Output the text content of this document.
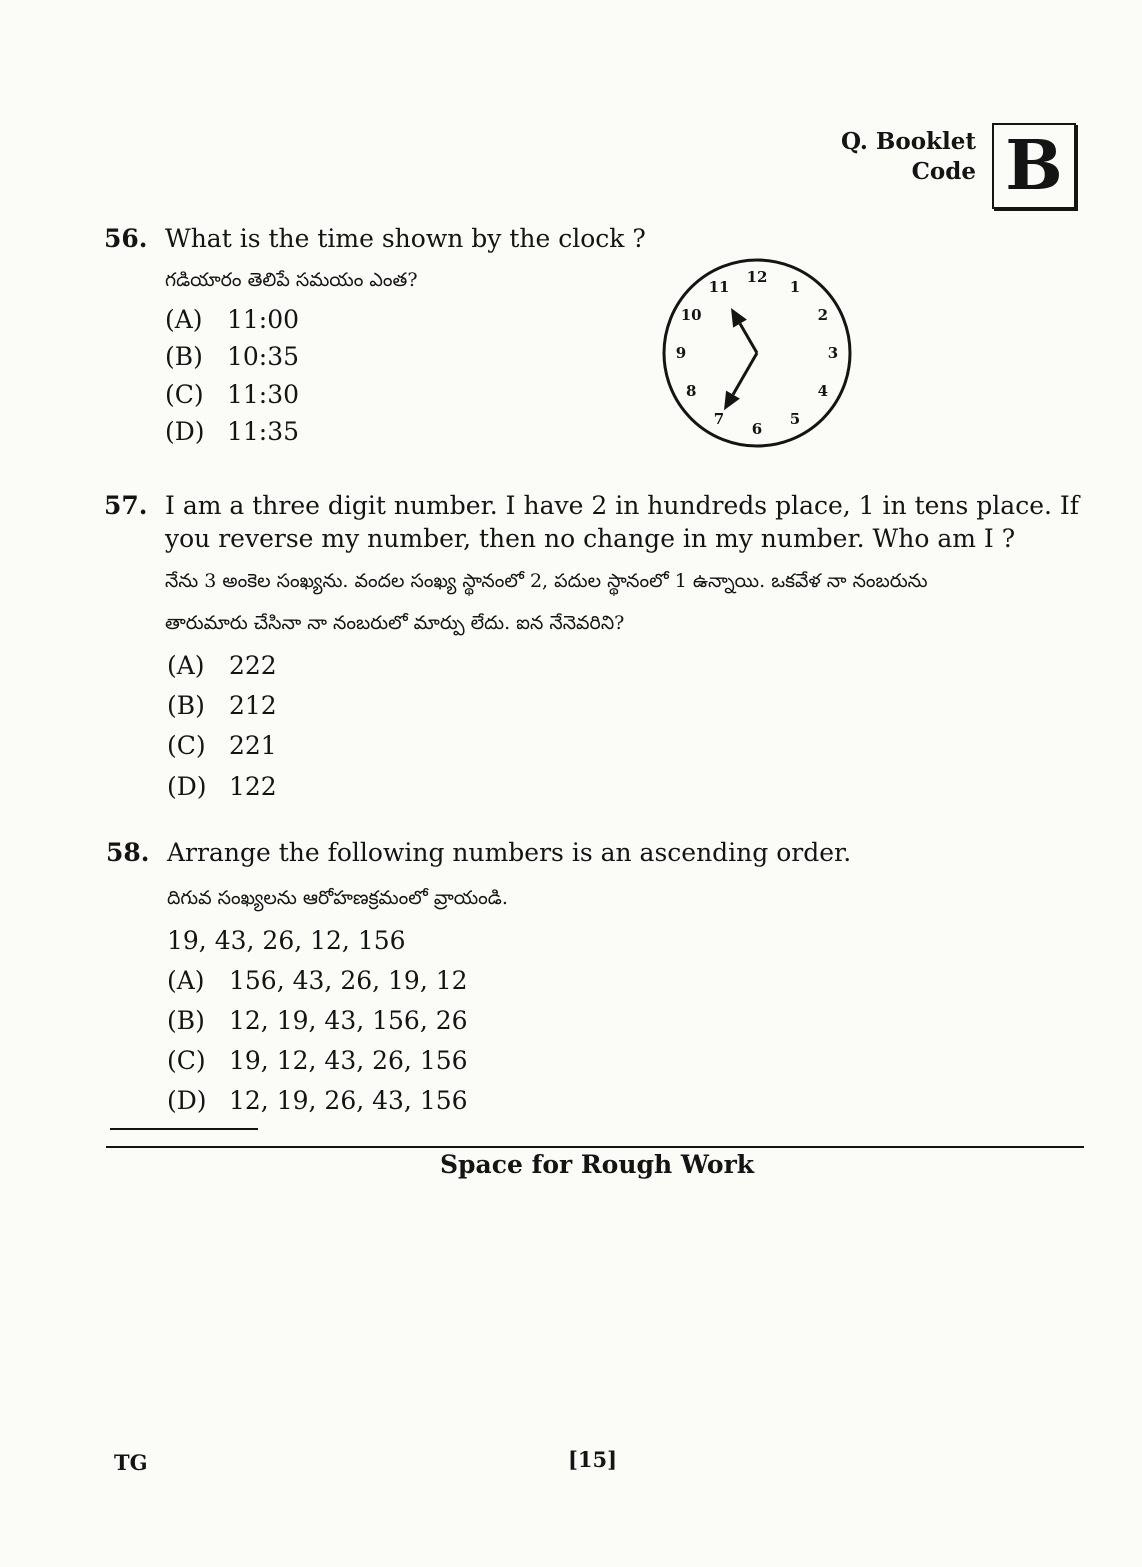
Q. Booklet
Code B
56. What is the time shown by the clock ?
గడియారం తెలిపే సమయం ఎంత?
(A) 11:00
(B) 10:35
(C) 11:30
(D) 11:35
12
1
2
3
4
5
6
7
8
9
10
11
57. I am a three digit number. I have 2 in hundreds place, 1 in tens place. If
you reverse my number, then no change in my number. Who am I ?
నేను 3 అంకెల సంఖ్యను. వందల సంఖ్య స్థానంలో 2, పదుల స్థానంలో 1 ఉన్నాయి. ఒకవేళ నా నంబరును
తారుమారు చేసినా నా నంబరులో మార్పు లేదు. ఐన నేనెవరిని?
(A) 222
(B) 212
(C) 221
(D) 122
58. Arrange the following numbers is an ascending order.
దిగువ సంఖ్యలను ఆరోహణక్రమంలో వ్రాయండి.
19, 43, 26, 12, 156
(A) 156, 43, 26, 19, 12
(B) 12, 19, 43, 156, 26
(C) 19, 12, 43, 26, 156
(D) 12, 19, 26, 43, 156
Space for Rough Work
TG	[15]
